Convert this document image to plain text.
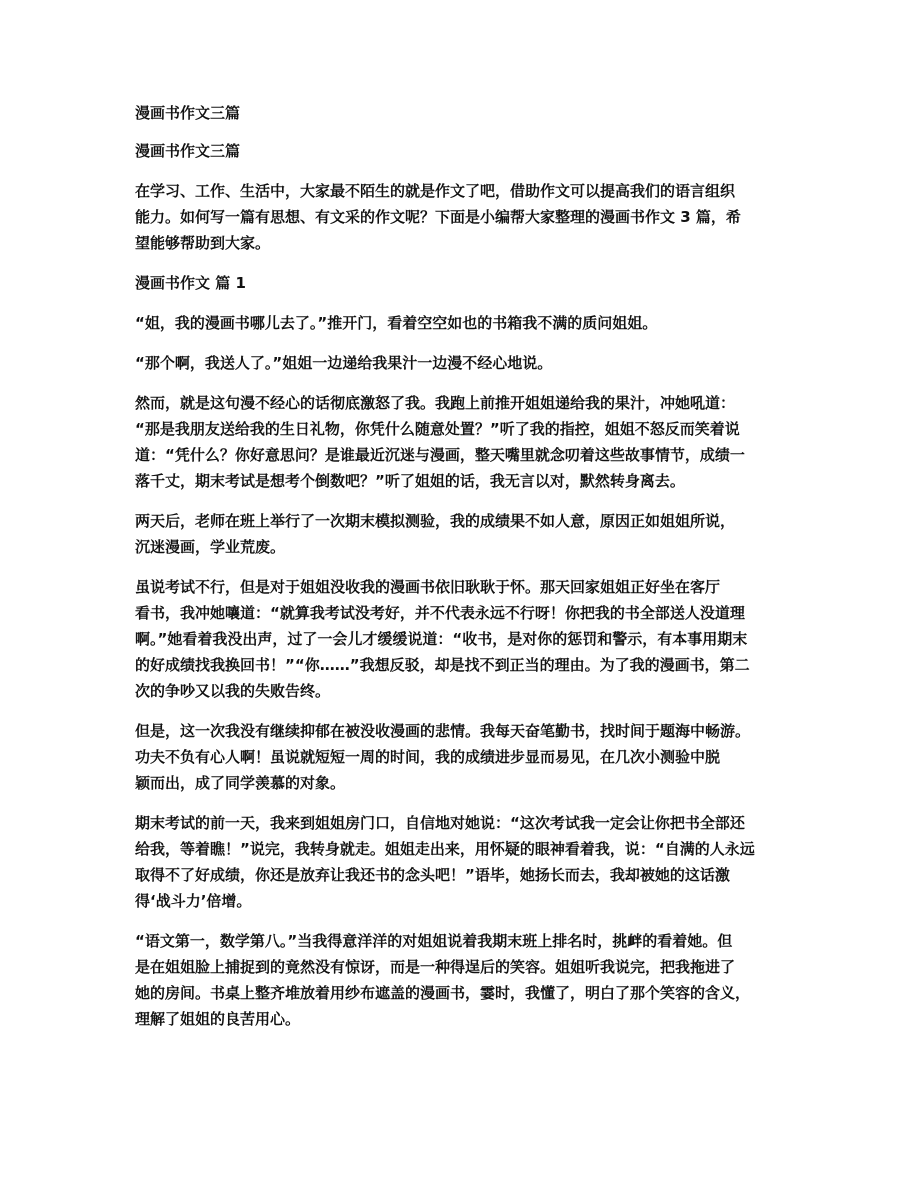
漫画书作文三篇

漫画书作文三篇

在学习、工作、生活中，大家最不陌生的就是作文了吧，借助作文可以提高我们的语言组织
能力。如何写一篇有思想、有文采的作文呢？下面是小编帮大家整理的漫画书作文 3 篇，希
望能够帮助到大家。

漫画书作文 篇 1

“姐，我的漫画书哪儿去了。”推开门，看着空空如也的书箱我不满的质问姐姐。
“那个啊，我送人了。”姐姐一边递给我果汁一边漫不经心地说。
然而，就是这句漫不经心的话彻底激怒了我。我跑上前推开姐姐递给我的果汁，冲她吼道：
“那是我朋友送给我的生日礼物，你凭什么随意处置？”听了我的指控，姐姐不怒反而笑着说
道：“凭什么？你好意思问？是谁最近沉迷与漫画，整天嘴里就念叨着这些故事情节，成绩一
落千丈，期末考试是想考个倒数吧？”听了姐姐的话，我无言以对，默然转身离去。
两天后，老师在班上举行了一次期末模拟测验，我的成绩果不如人意，原因正如姐姐所说，
沉迷漫画，学业荒废。
虽说考试不行，但是对于姐姐没收我的漫画书依旧耿耿于怀。那天回家姐姐正好坐在客厅
看书，我冲她嚷道：“就算我考试没考好，并不代表永远不行呀！你把我的书全部送人没道理
啊。”她看着我没出声，过了一会儿才缓缓说道：“收书，是对你的惩罚和警示，有本事用期末
的好成绩找我换回书！”“你……”我想反驳，却是找不到正当的理由。为了我的漫画书，第二
次的争吵又以我的失败告终。
但是，这一次我没有继续抑郁在被没收漫画的悲情。我每天奋笔勤书，找时间于题海中畅游。
功夫不负有心人啊！虽说就短短一周的时间，我的成绩进步显而易见，在几次小测验中脱
颖而出，成了同学羡慕的对象。
期末考试的前一天，我来到姐姐房门口，自信地对她说：“这次考试我一定会让你把书全部还
给我，等着瞧！”说完，我转身就走。姐姐走出来，用怀疑的眼神看着我，说：“自满的人永远
取得不了好成绩，你还是放弃让我还书的念头吧！”语毕，她扬长而去，我却被她的这话激
得‘战斗力’倍增。
“语文第一，数学第八。”当我得意洋洋的对姐姐说着我期末班上排名时，挑衅的看着她。但
是在姐姐脸上捕捉到的竟然没有惊讶，而是一种得逞后的笑容。姐姐听我说完，把我拖进了
她的房间。书桌上整齐堆放着用纱布遮盖的漫画书，霎时，我懂了，明白了那个笑容的含义，
理解了姐姐的良苦用心。
